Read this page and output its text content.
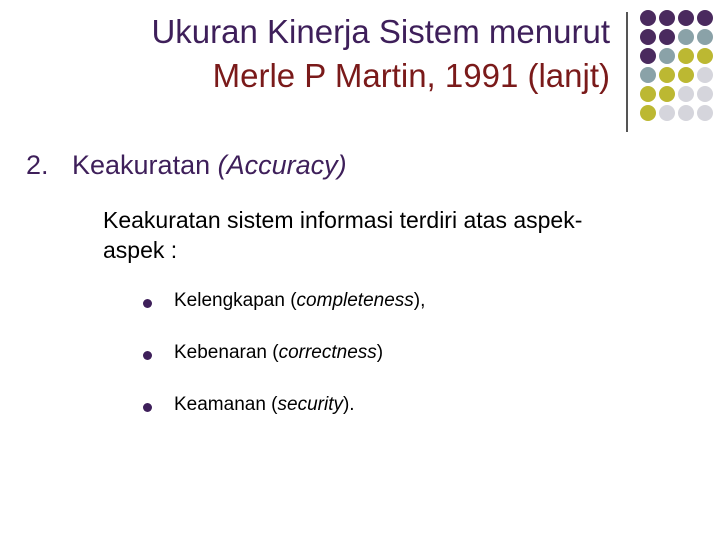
Ukuran Kinerja Sistem menurut
Merle P Martin, 1991 (lanjt)
2. Keakuratan (Accuracy)
Keakuratan sistem informasi terdiri atas aspek-aspek :
Kelengkapan (completeness),
Kebenaran (correctness)
Keamanan (security).
